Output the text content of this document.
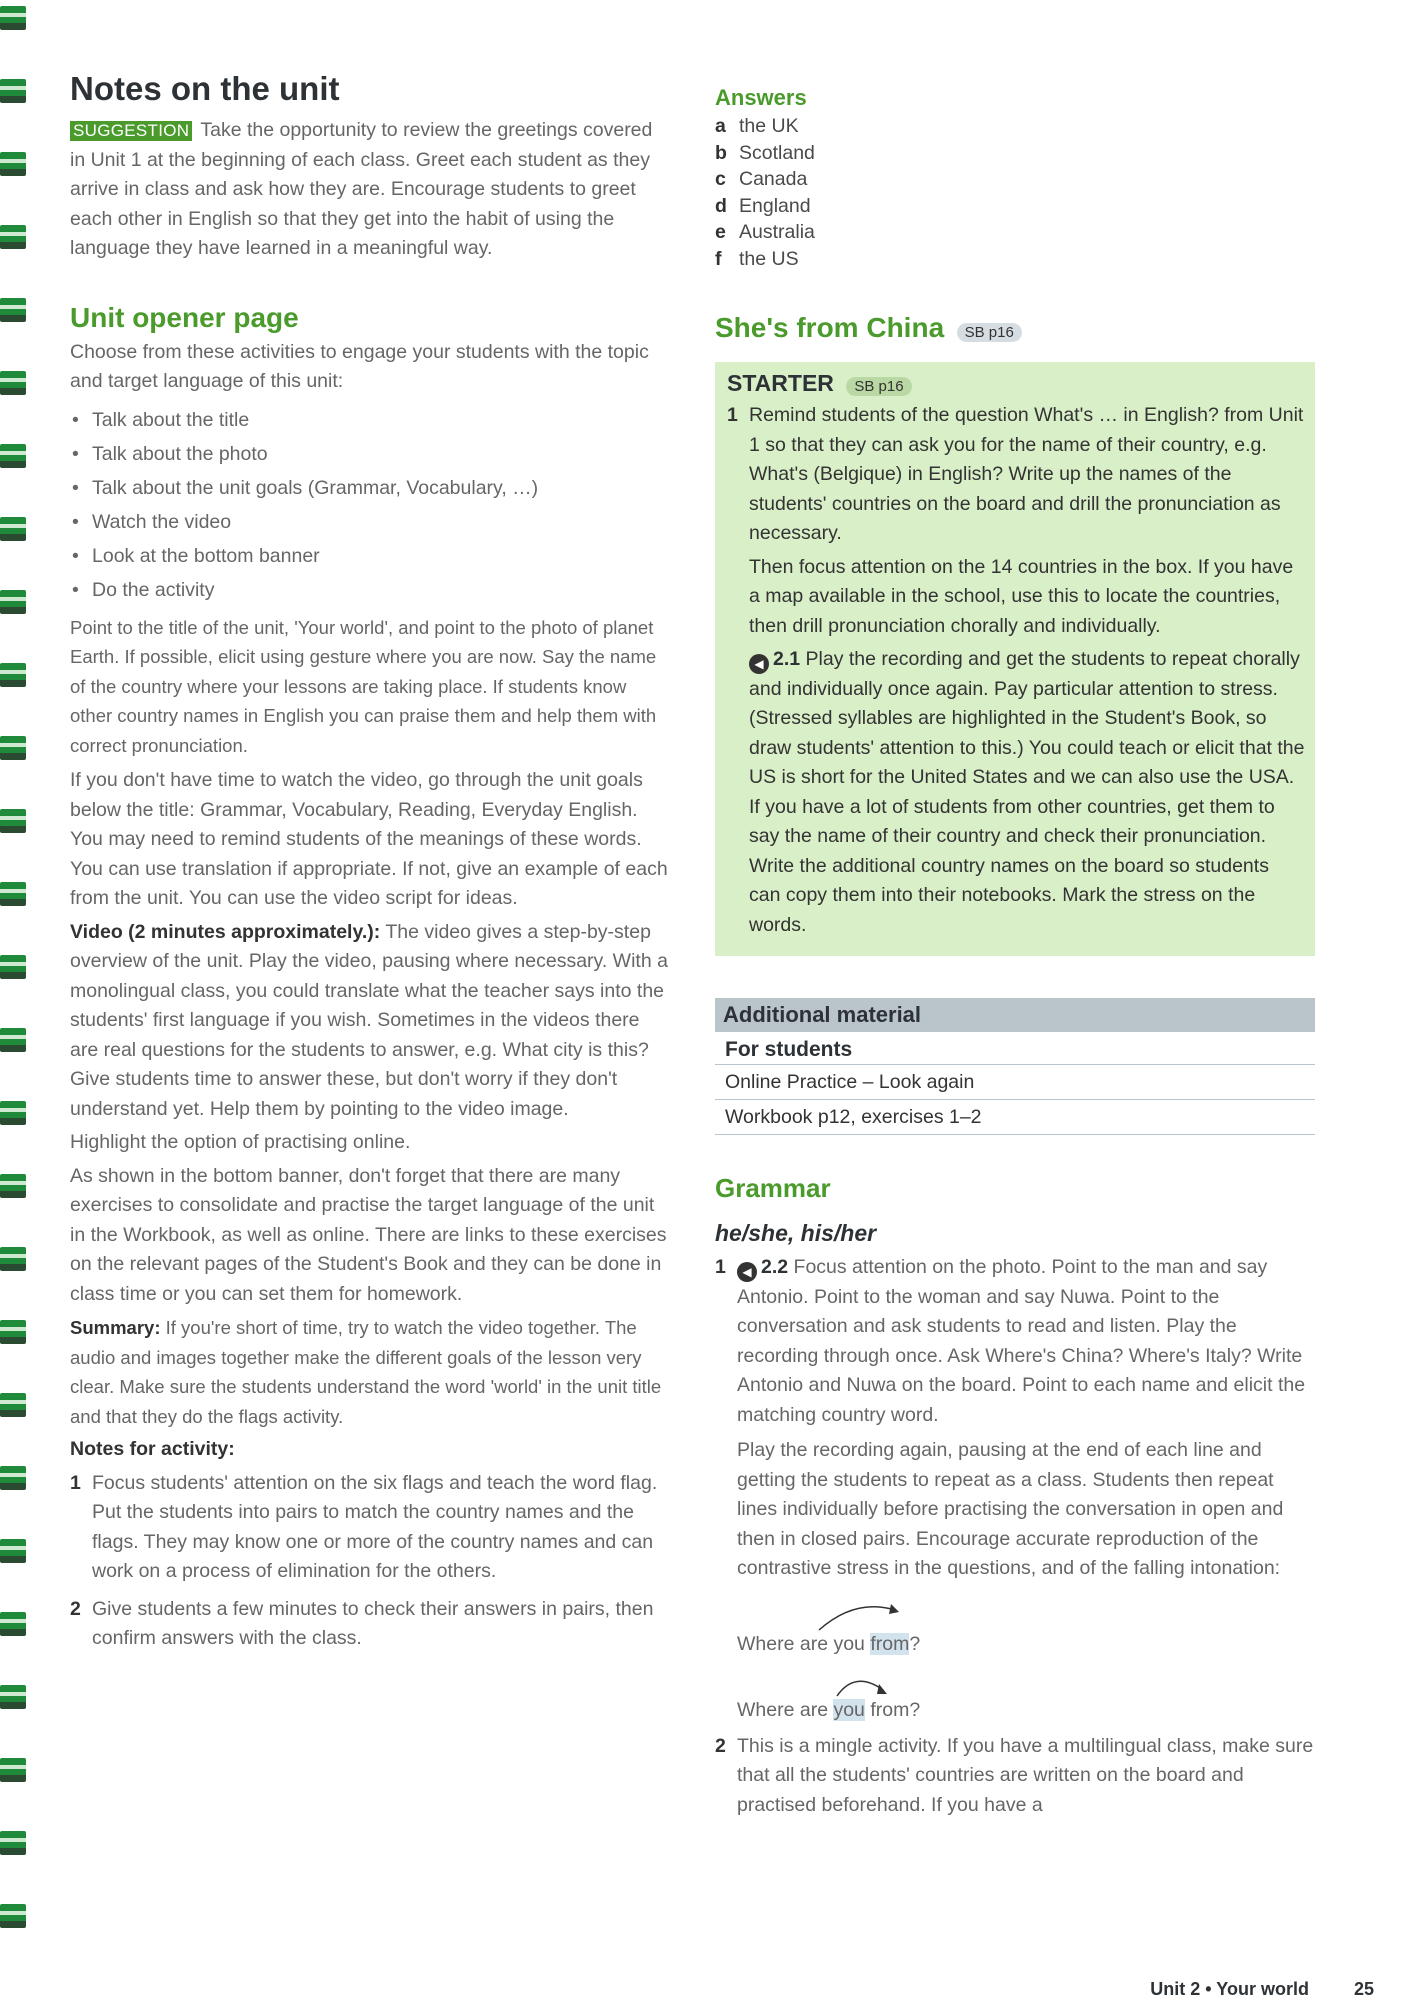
Notes on the unit

SUGGESTION Take the opportunity to review the greetings covered in Unit 1 at the beginning of each class. Greet each student as they arrive in class and ask how they are. Encourage students to greet each other in English so that they get into the habit of using the language they have learned in a meaningful way.

Unit opener page

Choose from these activities to engage your students with the topic and target language of this unit:

• Talk about the title
• Talk about the photo
• Talk about the unit goals (Grammar, Vocabulary, …)
• Watch the video
• Look at the bottom banner
• Do the activity

Point to the title of the unit, 'Your world', and point to the photo of planet Earth. If possible, elicit using gesture where you are now. Say the name of the country where your lessons are taking place. If students know other country names in English you can praise them and help them with correct pronunciation.

If you don't have time to watch the video, go through the unit goals below the title: Grammar, Vocabulary, Reading, Everyday English. You may need to remind students of the meanings of these words. You can use translation if appropriate. If not, give an example of each from the unit. You can use the video script for ideas.

Video (2 minutes approximately.): The video gives a step-by-step overview of the unit. Play the video, pausing where necessary. With a monolingual class, you could translate what the teacher says into the students' first language if you wish. Sometimes in the videos there are real questions for the students to answer, e.g. What city is this? Give students time to answer these, but don't worry if they don't understand yet. Help them by pointing to the video image.

Highlight the option of practising online.

As shown in the bottom banner, don't forget that there are many exercises to consolidate and practise the target language of the unit in the Workbook, as well as online. There are links to these exercises on the relevant pages of the Student's Book and they can be done in class time or you can set them for homework.

Summary: If you're short of time, try to watch the video together. The audio and images together make the different goals of the lesson very clear. Make sure the students understand the word 'world' in the unit title and that they do the flags activity.

Notes for activity:

1 Focus students' attention on the six flags and teach the word flag. Put the students into pairs to match the country names and the flags. They may know one or more of the country names and can work on a process of elimination for the others.
2 Give students a few minutes to check their answers in pairs, then confirm answers with the class.
Answers
a the UK
b Scotland
c Canada
d England
e Australia
f the US
She's from China SB p16
STARTER SB p16
1 Remind students of the question What's … in English? from Unit 1 so that they can ask you for the name of their country, e.g. What's (Belgique) in English? Write up the names of the students' countries on the board and drill the pronunciation as necessary.

Then focus attention on the 14 countries in the box. If you have a map available in the school, use this to locate the countries, then drill pronunciation chorally and individually.

◀ 2.1 Play the recording and get the students to repeat chorally and individually once again. Pay particular attention to stress. (Stressed syllables are highlighted in the Student's Book, so draw students' attention to this.) You could teach or elicit that the US is short for the United States and we can also use the USA. If you have a lot of students from other countries, get them to say the name of their country and check their pronunciation. Write the additional country names on the board so students can copy them into their notebooks. Mark the stress on the words.

Additional material
For students
Online Practice – Look again
Workbook p12, exercises 1–2
Grammar
he/she, his/her
1	◀ 2.2 Focus attention on the photo. Point to the man and say Antonio. Point to the woman and say Nuwa. Point to the conversation and ask students to read and listen. Play the recording through once. Ask Where's China? Where's Italy? Write Antonio and Nuwa on the board. Point to each name and elicit the matching country word.

Play the recording again, pausing at the end of each line and getting the students to repeat as a class. Students then repeat lines individually before practising the conversation in open and then in closed pairs. Encourage accurate reproduction of the contrastive stress in the questions, and of the falling intonation:

Where are you from?
Where are you from?
2 This is a mingle activity. If you have a multilingual class, make sure that all the students' countries are written on the board and practised beforehand. If you have a
Unit 2 • Your world	25
